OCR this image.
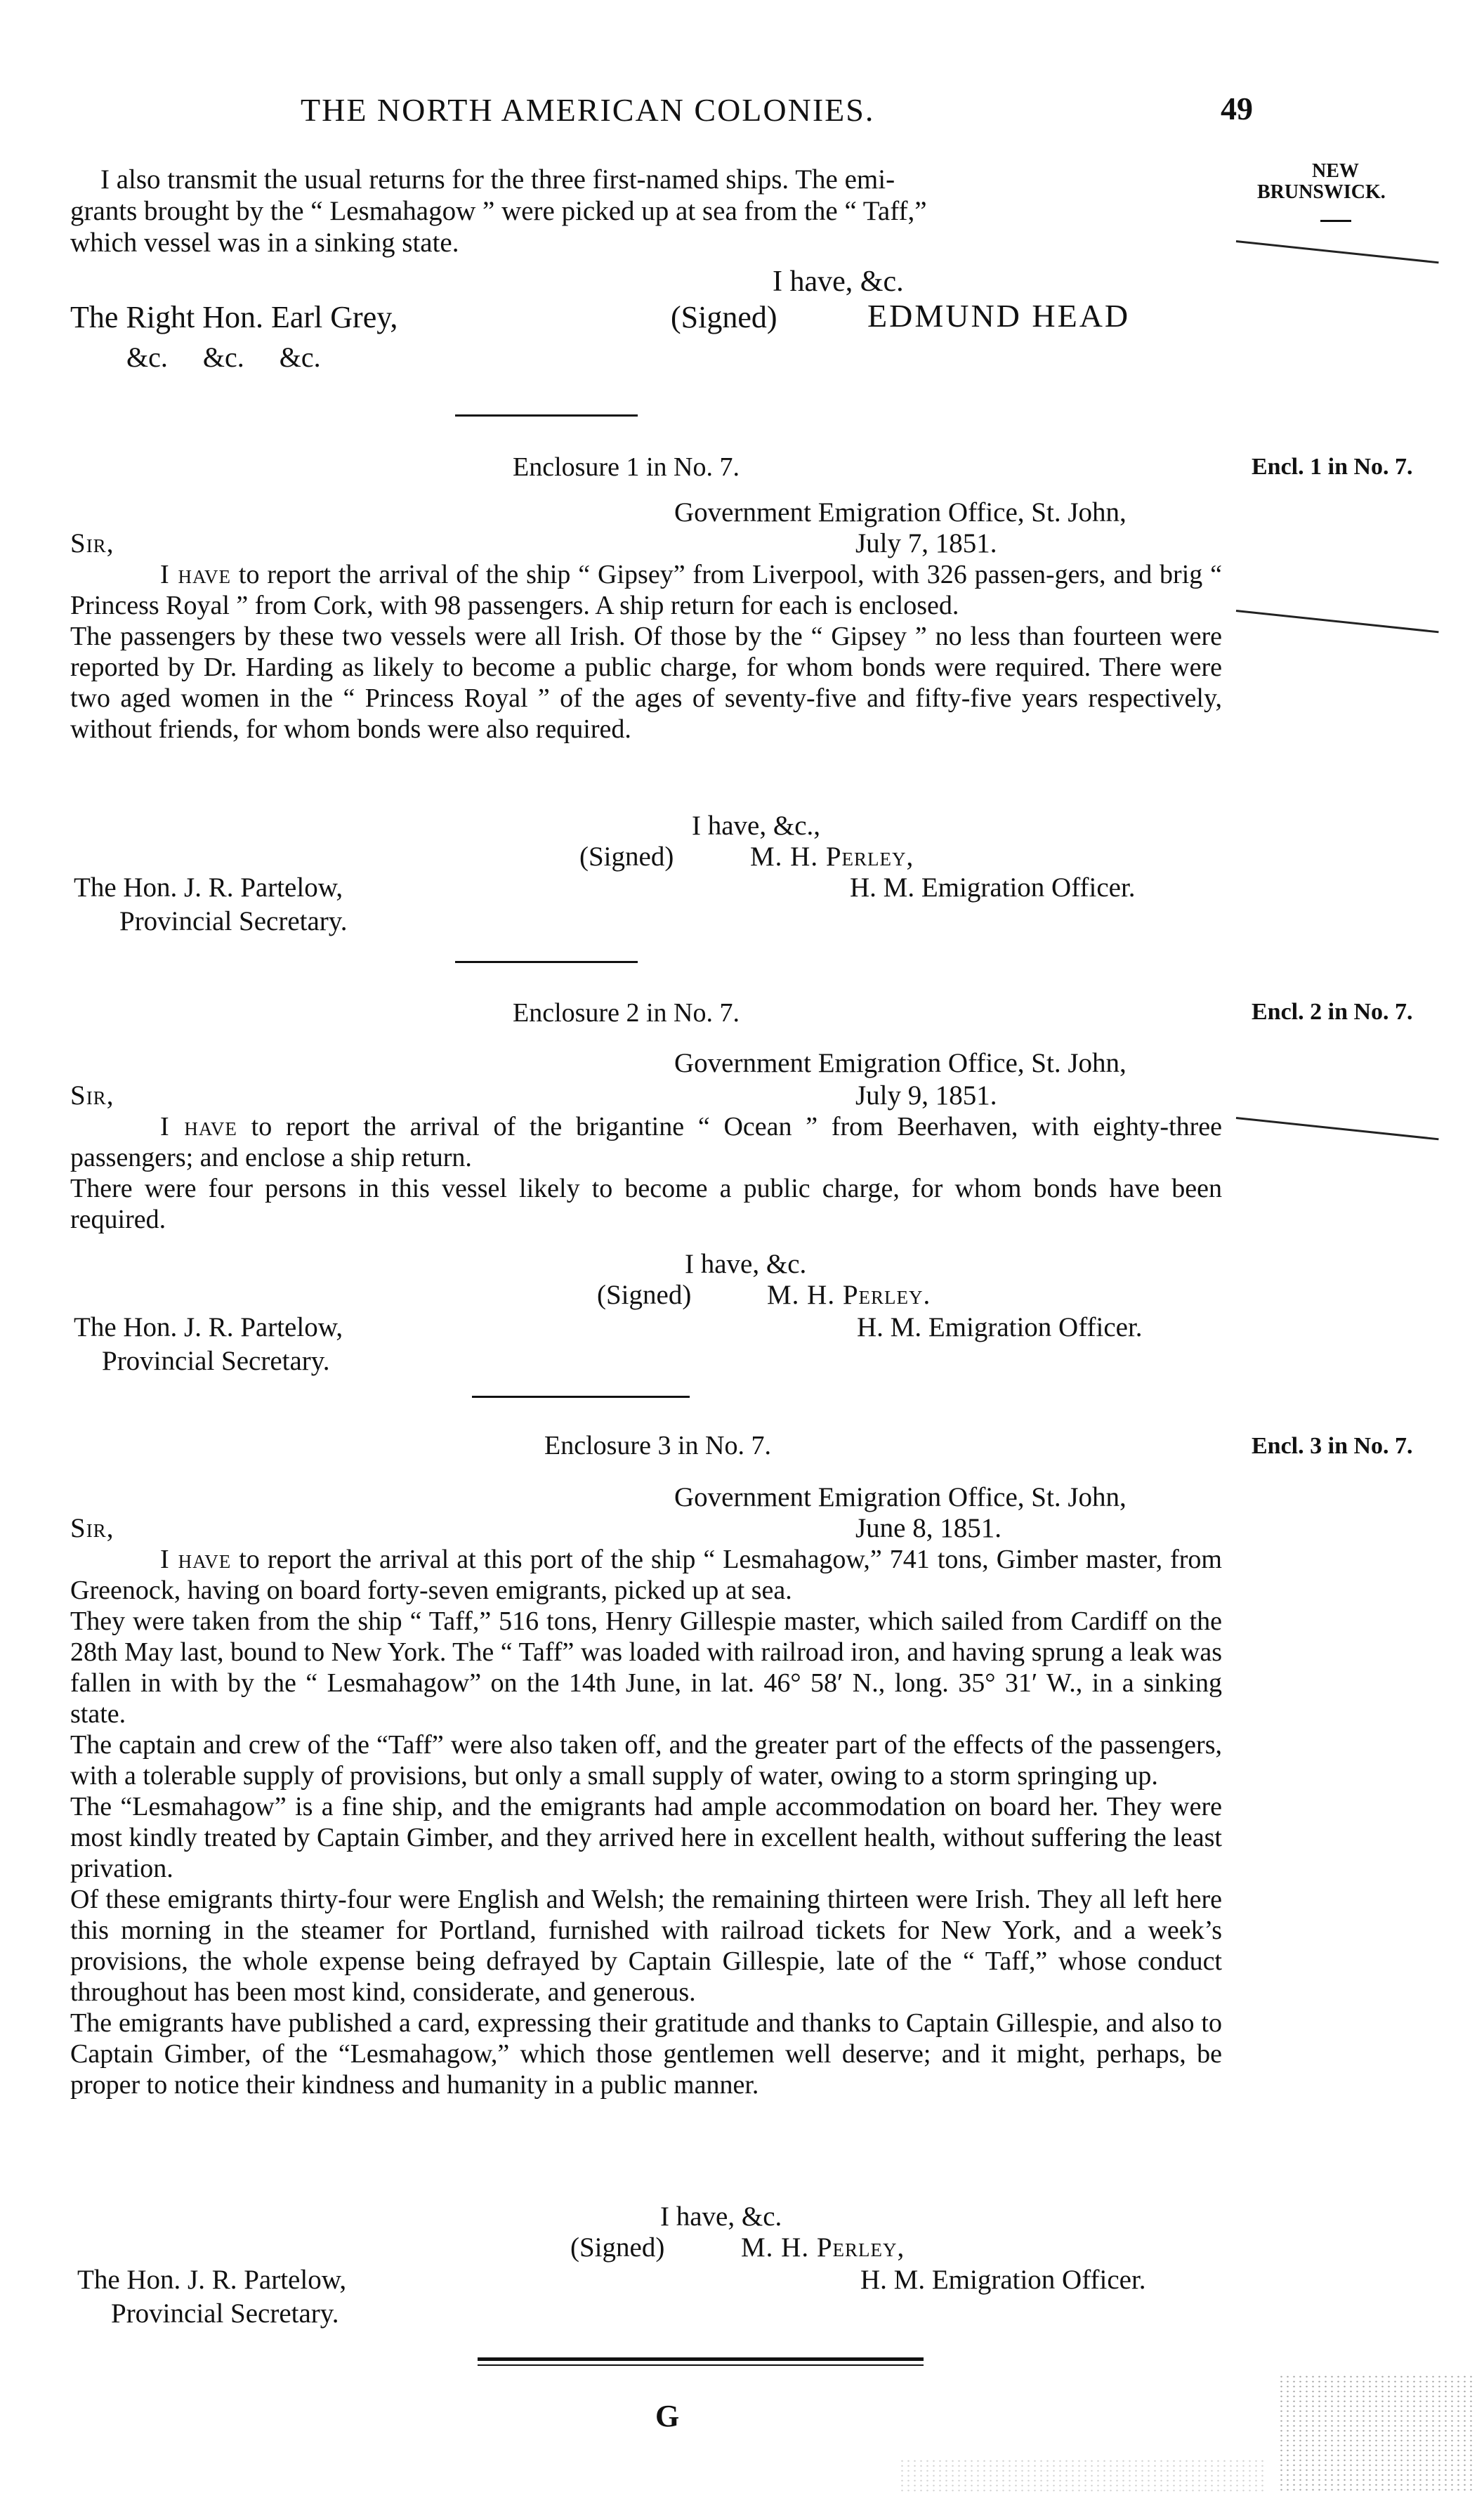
THE NORTH AMERICAN COLONIES.	49
NEW
BRUNSWICK.
I also transmit the usual returns for the three first-named ships. The emi-
grants brought by the “ Lesmahagow ” were picked up at sea from the “ Taff,”
which vessel was in a sinking state.
I have, &c.
The Right Hon. Earl Grey,	(Signed)	EDMUND HEAD
&c.     &c.     &c.
Enclosure 1 in No. 7.	Encl. 1 in No. 7.
Government Emigration Office, St. John,
Sir,	July 7, 1851.

I have to report the arrival of the ship “ Gipsey” from Liverpool, with 326 passen-gers, and brig “ Princess Royal ” from Cork, with 98 passengers. A ship return for each is enclosed.

The passengers by these two vessels were all Irish. Of those by the “ Gipsey ” no less than fourteen were reported by Dr. Harding as likely to become a public charge, for whom bonds were required. There were two aged women in the “ Princess Royal ” of the ages of seventy-five and fifty-five years respectively, without friends, for whom bonds were also required.

I have, &c.,
(Signed)	M. H. Perley,
The Hon. J. R. Partelow,	H. M. Emigration Officer.
Provincial Secretary.
Enclosure 2 in No. 7.	Encl. 2 in No. 7.
Government Emigration Office, St. John,
Sir,	July 9, 1851.

I have to report the arrival of the brigantine “ Ocean ” from Beerhaven, with eighty-three passengers; and enclose a ship return.

There were four persons in this vessel likely to become a public charge, for whom bonds have been required.

I have, &c.
(Signed)	M. H. Perley.
The Hon. J. R. Partelow,	H. M. Emigration Officer.
Provincial Secretary.
Enclosure 3 in No. 7.	Encl. 3 in No. 7.
Government Emigration Office, St. John,
Sir,	June 8, 1851.

I have to report the arrival at this port of the ship “ Lesmahagow,” 741 tons, Gimber master, from Greenock, having on board forty-seven emigrants, picked up at sea.

They were taken from the ship “ Taff,” 516 tons, Henry Gillespie master, which sailed from Cardiff on the 28th May last, bound to New York. The “ Taff” was loaded with railroad iron, and having sprung a leak was fallen in with by the “ Lesmahagow” on the 14th June, in lat. 46° 58′ N., long. 35° 31′ W., in a sinking state.

The captain and crew of the “Taff” were also taken off, and the greater part of the effects of the passengers, with a tolerable supply of provisions, but only a small supply of water, owing to a storm springing up.

The “Lesmahagow” is a fine ship, and the emigrants had ample accommodation on board her. They were most kindly treated by Captain Gimber, and they arrived here in excellent health, without suffering the least privation.

Of these emigrants thirty-four were English and Welsh; the remaining thirteen were Irish. They all left here this morning in the steamer for Portland, furnished with railroad tickets for New York, and a week’s provisions, the whole expense being defrayed by Captain Gillespie, late of the “ Taff,” whose conduct throughout has been most kind, considerate, and generous.

The emigrants have published a card, expressing their gratitude and thanks to Captain Gillespie, and also to Captain Gimber, of the “Lesmahagow,” which those gentlemen well deserve; and it might, perhaps, be proper to notice their kindness and humanity in a public manner.

I have, &c.
(Signed)	M. H. Perley,
The Hon. J. R. Partelow,	H. M. Emigration Officer.
Provincial Secretary.
G
